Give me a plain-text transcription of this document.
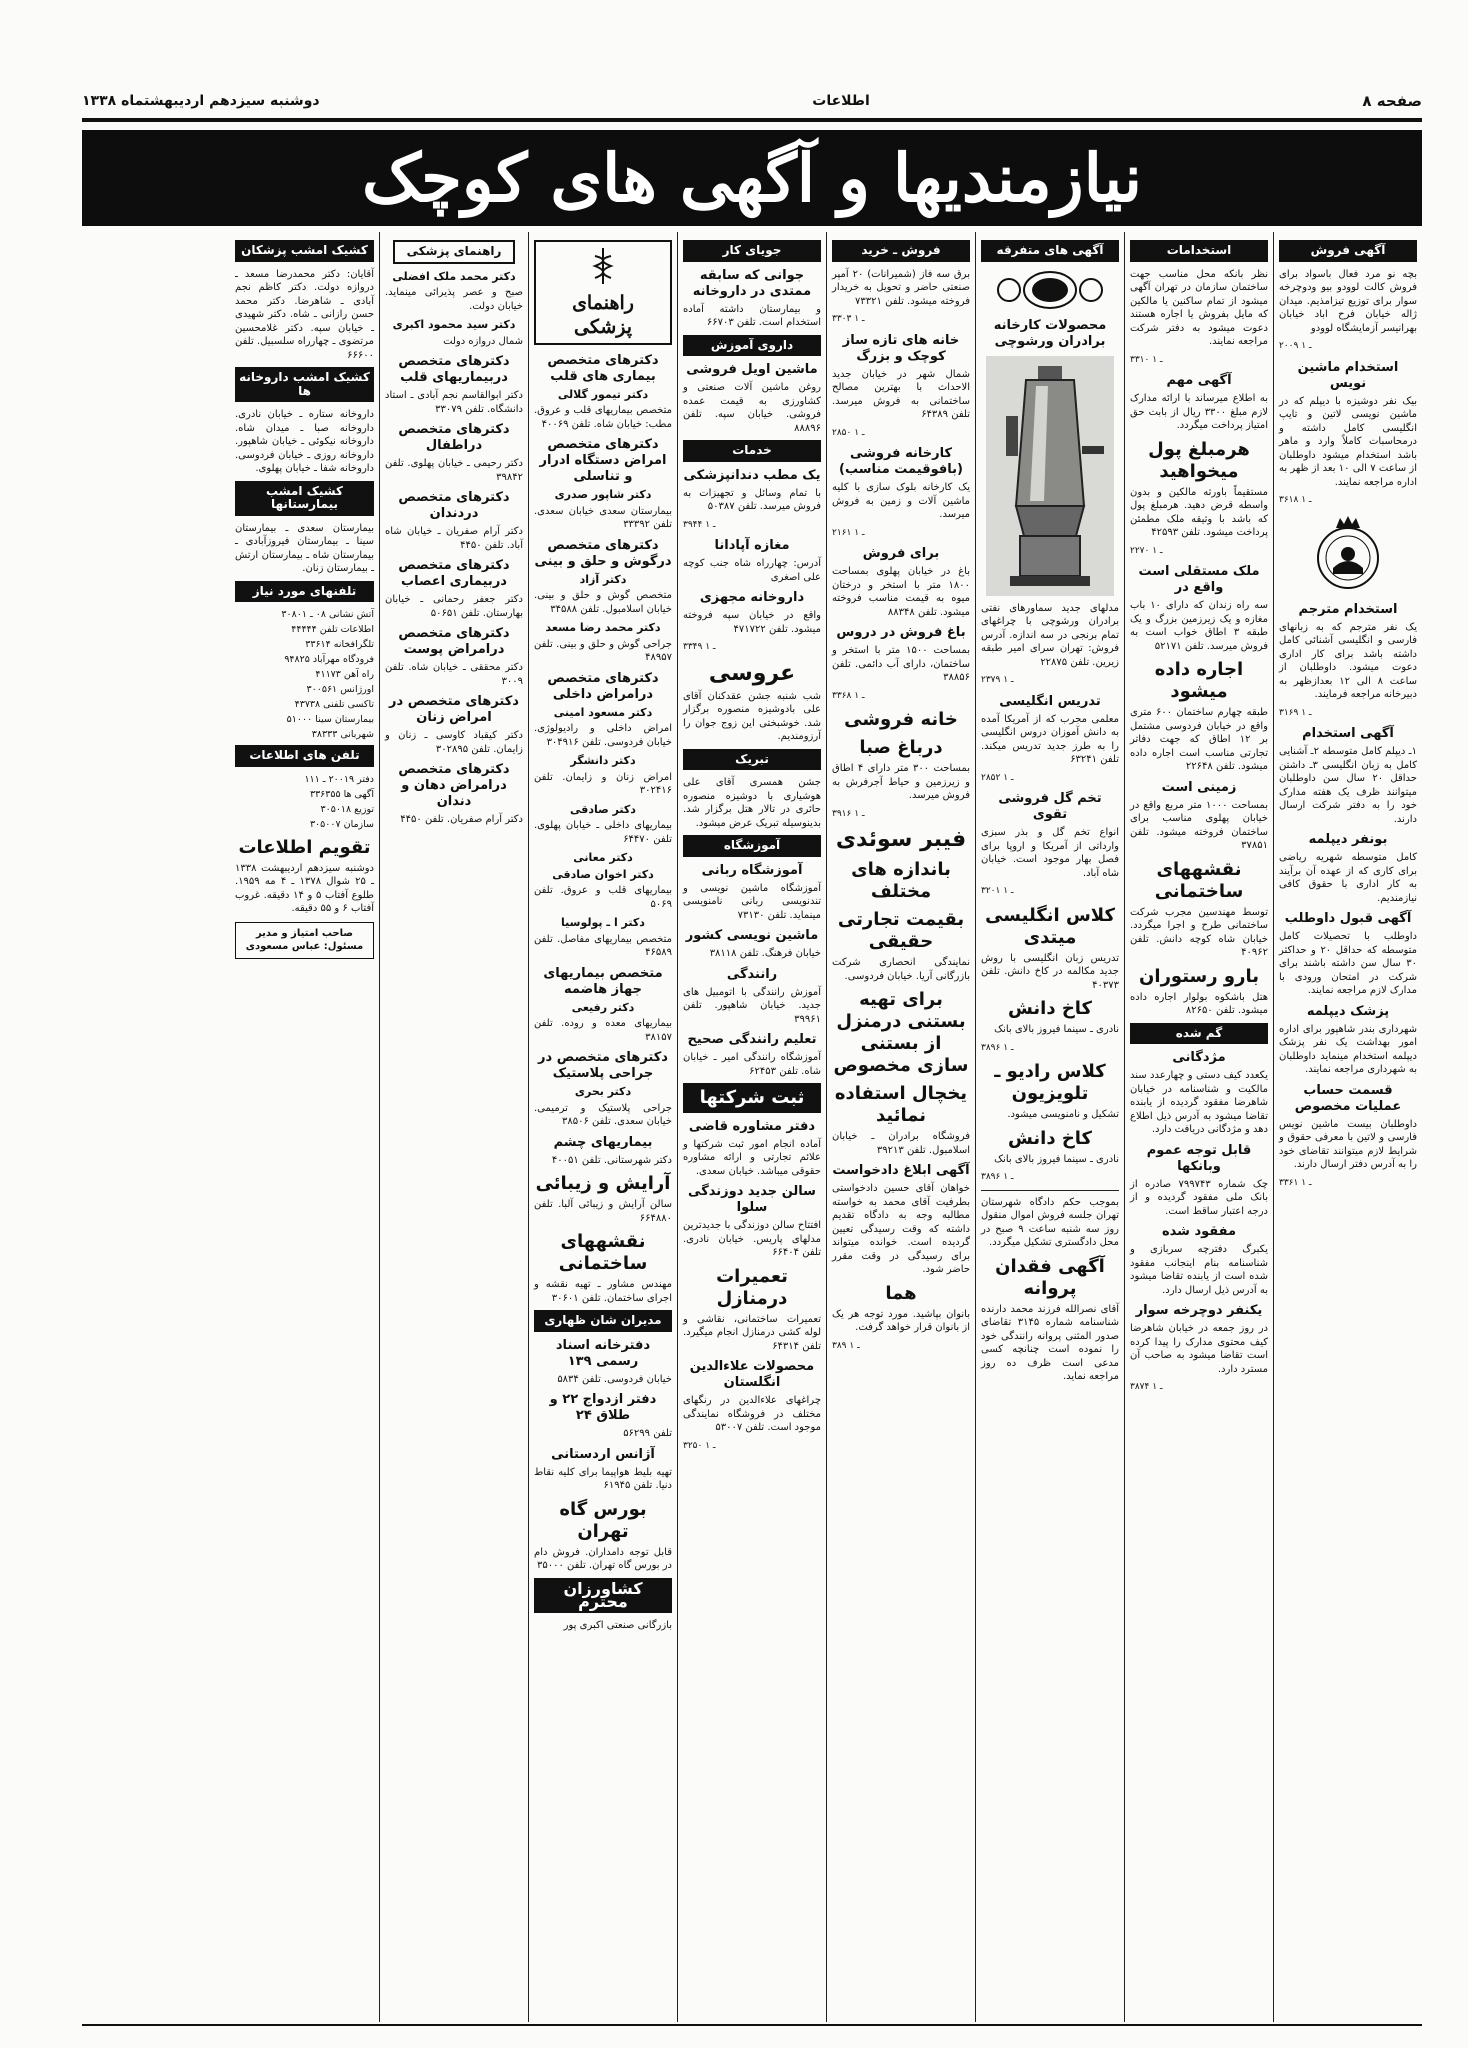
صفحه ۸
اطلاعات
دوشنبه سیزدهم اردیبهشتماه ۱۳۳۸
نیازمندیها و آگهی های کوچک
آگهی فروش

بچه نو مرد فعال باسواد برای فروش کالت لوودو بیو ودوچرخه سوار برای توزیع تیزامذیم. میدان ژاله خیابان فرح اباد خیابان بهرانیسر آزمایشگاه لوودو

۲۰۰۹ ـ ۱

استخدام ماشین نویس

بیک نفر دوشیزه با دیپلم که در ماشین نویسی لاتین و تایپ انگلیسی کامل داشته و درمحاسبات کاملاً وارد و ماهر باشد استخدام میشود داوطلبان از ساعت ۷ الی ۱۰ بعد از ظهر به اداره مراجعه نمایند.

۳۶۱۸ ـ ۱

استخدام مترجم

یک نفر مترجم که به زبانهای فارسی و انگلیسی آشنائی کامل داشته باشد برای کار اداری دعوت میشود. داوطلبان از ساعت ۸ الی ۱۲ بعدازظهر به دبیرخانه مراجعه فرمایند.

۳۱۶۹ ـ ۱

آگهی استخدام

۱ـ دیپلم کامل متوسطه ۲ـ آشنایی کامل به زبان انگلیسی ۳ـ داشتن حداقل ۲۰ سال سن داوطلبان میتوانند ظرف یک هفته مدارک خود را به دفتر شرکت ارسال دارند.

بونفر دیپلمه

کامل متوسطه شهریه ریاضی برای کاری که از عهده آن برآیند به کار اداری با حقوق کافی نیازمندیم.

آگهی قبول داوطلب

داوطلب با تحصیلات کامل متوسطه که حداقل ۲۰ و حداکثر ۳۰ سال سن داشته باشند برای شرکت در امتحان ورودی با مدارک لازم مراجعه نمایند.

پزشک دیپلمه

شهرداری بندر شاهپور برای اداره امور بهداشت یک نفر پزشک دیپلمه استخدام مینماید داوطلبان به شهرداری مراجعه نمایند.

قسمت حساب عملیات مخصوص

داوطلبان بیست ماشین نویس فارسی و لاتین با معرفی حقوق و شرایط لازم میتوانند تقاضای خود را به آدرس دفتر ارسال دارند.

۳۳۶۱ ـ ۱

استخدامات

نظر بانکه محل مناسب جهت ساختمان سازمان در تهران آگهی میشود از تمام ساکنین یا مالکین که مایل بفروش یا اجاره هستند دعوت میشود به دفتر شرکت مراجعه نمایند.

۳۳۱۰ ـ ۱

آگهی مهم

به اطلاع میرساند با ارائه مدارک لازم مبلغ ۳۳۰۰ ریال از بابت حق امتیاز پرداخت میگردد.

هرمبلغ پول میخواهید

مستقیماً باورثه مالکین و بدون واسطه قرض دهید. هرمبلغ پول که باشد با وثیقه ملک مطمئن پرداخت میشود. تلفن ۴۲۵۹۳

۲۲۷۰ ـ ۱

ملک مستقلی است واقع در

سه راه زندان که دارای ۱۰ باب مغازه و یک زیرزمین بزرگ و یک طبقه ۳ اطاق خواب است به فروش میرسد. تلفن ۵۲۱۷۱

اجاره داده میشود

طبقه چهارم ساختمان ۶۰۰ متری واقع در خیابان فردوسی مشتمل بر ۱۲ اطاق که جهت دفاتر تجارتی مناسب است اجاره داده میشود. تلفن ۲۲۶۴۸

زمینی است

بمساحت ۱۰۰۰ متر مربع واقع در خیابان پهلوی مناسب برای ساختمان فروخته میشود. تلفن ۳۷۸۵۱

نقشههای ساختمانی

توسط مهندسین مجرب شرکت ساختمانی طرح و اجرا میگردد. خیابان شاه کوچه دانش. تلفن ۴۰۹۶۲

بارو رستوران

هتل باشکوه بولوار اجاره داده میشود. تلفن ۸۲۶۵۰

گم شده
مژدگانی

یکعدد کیف دستی و چهارعدد سند مالکیت و شناسنامه در خیابان شاهرضا مفقود گردیده از یابنده تقاضا میشود به آدرس ذیل اطلاع دهد و مژدگانی دریافت دارد.

قابل توجه عموم وبانکها

چک شماره ۷۹۹۷۴۳ صادره از بانک ملی مفقود گردیده و از درجه اعتبار ساقط است.

مفقود شده

یکبرگ دفترچه سربازی و شناسنامه بنام اینجانب مفقود شده است از یابنده تقاضا میشود به آدرس ذیل ارسال دارد.

یکنفر دوچرخه سوار

در روز جمعه در خیابان شاهرضا کیف محتوی مدارک را پیدا کرده است تقاضا میشود به صاحب آن مسترد دارد.

۳۸۷۴ ـ ۱

آگهی های متفرقه
محصولات کارخانه برادران ورشوچی

مدلهای جدید سماورهای نفتی برادران ورشوچی با چراغهای تمام برنجی در سه اندازه. آدرس فروش: تهران سرای امیر طبقه زیرین. تلفن ۲۲۸۷۵

۲۳۷۹ ـ ۱

تدریس انگلیسی

معلمی مجرب که از آمریکا آمده به دانش آموزان دروس انگلیسی را به طرز جدید تدریس میکند. تلفن ۶۳۲۴۱

۲۸۵۲ ـ ۱

تخم گل فروشی تقوی

انواع تخم گل و بذر سبزی وارداتی از آمریکا و اروپا برای فصل بهار موجود است. خیابان شاه آباد.

۳۲۰۱ ـ ۱

کلاس انگلیسی میتدی

تدریس زبان انگلیسی با روش جدید مکالمه در کاخ دانش. تلفن ۴۰۳۷۳

کاخ دانش

نادری ـ سینما فیروز بالای بانک

۳۸۹۶ ـ ۱

کلاس رادیو ـ تلویزیون

تشکیل و نامنویسی میشود.

کاخ دانش

نادری ـ سینما فیروز بالای بانک

۳۸۹۶ ـ ۱

بموجب حکم دادگاه شهرستان تهران جلسه فروش اموال منقول روز سه شنبه ساعت ۹ صبح در محل دادگستری تشکیل میگردد.

آگهی فقدان پروانه

آقای نصرالله فرزند محمد دارنده شناسنامه شماره ۳۱۴۵ تقاضای صدور المثنی پروانه رانندگی خود را نموده است چنانچه کسی مدعی است ظرف ده روز مراجعه نماید.

فروش ـ خرید

برق سه فاز (شمیرانات) ۲۰ آمپر صنعتی حاضر و تحویل به خریدار فروخته میشود. تلفن ۷۳۳۲۱

۳۳۰۳ ـ ۱

خانه های تازه ساز کوچک و بزرگ

شمال شهر در خیابان جدید الاحداث با بهترین مصالح ساختمانی به فروش میرسد. تلفن ۶۴۳۸۹

۲۸۵۰ ـ ۱

کارخانه فروشی (بافوقیمت مناسب)

یک کارخانه بلوک سازی با کلیه ماشین آلات و زمین به فروش میرسد.

۲۱۶۱ ـ ۱

برای فروش

باغ در خیابان پهلوی بمساحت ۱۸۰۰ متر با استخر و درختان میوه به قیمت مناسب فروخته میشود. تلفن ۸۸۳۴۸

باغ فروش در دروس

بمساحت ۱۵۰۰ متر با استخر و ساختمان، دارای آب دائمی. تلفن ۳۸۸۵۶

۳۳۶۸ ـ ۱

خانه فروشی
درباغ صبا

بمساحت ۳۰۰ متر دارای ۴ اطاق و زیرزمین و حیاط آجرفرش به فروش میرسد.

۳۹۱۶ ـ ۱

فیبر سوئدی
باندازه های مختلف
بقیمت تجارتی حقیقی

نمایندگی انحصاری شرکت بازرگانی آریا. خیابان فردوسی.

برای تهیه بستنی درمنزل از بستنی سازی مخصوص
یخچال استفاده نمائید

فروشگاه برادران ـ خیابان اسلامبول. تلفن ۳۹۲۱۳

آگهی ابلاغ دادخواست

خواهان آقای حسین دادخواستی بطرفیت آقای محمد به خواسته مطالبه وجه به دادگاه تقدیم داشته که وقت رسیدگی تعیین گردیده است. خوانده میتواند برای رسیدگی در وقت مقرر حاضر شود.

هما

بانوان بپاشید. مورد توجه هر یک از بانوان قرار خواهد گرفت.

۳۸۹ ـ ۱

جویای کار
جوانی که سابقه ممتدی در داروخانه

و بیمارستان داشته آماده استخدام است. تلفن ۶۶۷۰۳

داروی آموزش
ماشین اویل فروشی

روغن ماشین آلات صنعتی و کشاورزی به قیمت عمده فروشی. خیابان سپه. تلفن ۸۸۸۹۶

خدمات
یک مطب دندانپزشکی

با تمام وسائل و تجهیزات به فروش میرسد. تلفن ۵۰۳۸۷

۳۹۴۴ ـ ۱

مغازه آپادانا

آدرس: چهارراه شاه جنب کوچه علی اصغری

داروخانه مجهزی

واقع در خیابان سپه فروخته میشود. تلفن ۴۷۱۷۲۲

۳۳۴۹ ـ ۱

عروسی

شب شنبه جشن عقدکنان آقای علی بادوشیزه منصوره برگزار شد. خوشبختی این زوج جوان را آرزومندیم.

تبریک

جشن همسری آقای علی هوشیاری با دوشیزه منصوره حائری در تالار هتل برگزار شد. بدینوسیله تبریک عرض میشود.

آموزشگاه
آموزشگاه ربانی

آموزشگاه ماشین نویسی و تندنویسی ربانی نامنویسی مینماید. تلفن ۷۳۱۳۰

ماشین نویسی کشور

خیابان فرهنگ. تلفن ۳۸۱۱۸

رانندگی

آموزش رانندگی با اتومبیل های جدید. خیابان شاهپور. تلفن ۳۹۹۶۱

تعلیم رانندگی صحیح

آموزشگاه رانندگی امیر ـ خیابان شاه. تلفن ۶۲۴۵۳

ثبت شرکتها
دفتر مشاوره قاضی

آماده انجام امور ثبت شرکتها و علائم تجارتی و ارائه مشاوره حقوقی میباشد. خیابان سعدی.

سالن جدید دوزندگی سلوا

افتتاح سالن دوزندگی با جدیدترین مدلهای پاریس. خیابان نادری. تلفن ۶۶۴۰۴

تعمیرات درمنازل

تعمیرات ساختمانی، نقاشی و لوله کشی درمنازل انجام میگیرد. تلفن ۶۴۳۱۴

محصولات علاءالدین انگلستان

چراغهای علاءالدین در رنگهای مختلف در فروشگاه نمایندگی موجود است. تلفن ۵۳۰۰۷

۳۲۵۰ ـ ۱

راهنمای پزشکی
دکترهای متخصص بیماری های قلب
دکتر تیمور گلالی

متخصص بیماریهای قلب و عروق. مطب: خیابان شاه. تلفن ۴۰۰۶۹

دکترهای متخصص امراض دستگاه ادرار و تناسلی
دکتر شاپور صدری

بیمارستان سعدی خیابان سعدی. تلفن ۳۳۳۹۲

دکترهای متخصص درگوش و حلق و بینی
دکتر آزاد

متخصص گوش و حلق و بینی. خیابان اسلامبول. تلفن ۳۴۵۸۸

دکتر محمد رضا مسعد

جراحی گوش و حلق و بینی. تلفن ۴۸۹۵۷

دکترهای متخصص درامراض داخلی
دکتر مسعود امینی

امراض داخلی و رادیولوژی. خیابان فردوسی. تلفن ۳۰۴۹۱۶

دکتر دانشگر

امراض زنان و زایمان. تلفن ۳۰۲۴۱۶

دکتر صادقی

بیماریهای داخلی ـ خیابان پهلوی. تلفن ۶۴۴۷۰

دکتر معانی
دکتر اخوان صادقی

بیماریهای قلب و عروق. تلفن ۵۰۶۹

دکتر ا ـ پولوسیا

متخصص بیماریهای مفاصل. تلفن ۴۶۵۸۹

متخصص بیماریهای جهاز هاضمه
دکتر رفیعی

بیماریهای معده و روده. تلفن ۳۸۱۵۷

دکترهای متخصص در جراحی پلاستیک
دکتر بحری

جراحی پلاستیک و ترمیمی. خیابان سعدی. تلفن ۳۸۵۰۶

بیماریهای چشم

دکتر شهرستانی. تلفن ۴۰۰۵۱

آرایش و زیبائی

سالن آرایش و زیبائی آلبا. تلفن ۶۶۴۸۸۰

نقشههای ساختمانی

مهندس مشاور ـ تهیه نقشه و اجرای ساختمان. تلفن ۳۰۶۰۱

مدیران شان ظهاری
دفترخانه اسناد رسمی ۱۳۹

خیابان فردوسی. تلفن ۵۸۳۴

دفتر ازدواج ۲۲ و طلاق ۲۴

تلفن ۵۶۲۹۹

آژانس اردستانی

تهیه بلیط هواپیما برای کلیه نقاط دنیا. تلفن ۶۱۹۴۵

بورس گاه تهران

قابل توجه دامداران. فروش دام در بورس گاه تهران. تلفن ۳۵۰۰۰

کشاورزان محترم

بازرگانی صنعتی اکبری پور

راهنمای پزشکی
دکتر محمد ملک افضلی

صبح و عصر پذیرائی مینماید. خیابان دولت.

دکتر سید محمود اکبری

شمال دروازه دولت

دکترهای متخصص دربیماریهای قلب

دکتر ابوالقاسم نجم آبادی ـ استاد دانشگاه. تلفن ۳۳۰۷۹

دکترهای متخصص دراطفال

دکتر رحیمی ـ خیابان پهلوی. تلفن ۳۹۸۴۲

دکترهای متخصص دردندان

دکتر آرام صفریان ـ خیابان شاه آباد. تلفن ۴۴۵۰

دکترهای متخصص دربیماری اعصاب

دکتر جعفر رحمانی ـ خیابان بهارستان. تلفن ۵۰۶۵۱

دکترهای متخصص درامراض پوست

دکتر محققی ـ خیابان شاه. تلفن ۳۰۰۹

دکترهای متخصص در امراض زنان

دکتر کیقباد کاوسی ـ زنان و زایمان. تلفن ۳۰۲۸۹۵

دکترهای متخصص درامراض دهان و دندان

دکتر آرام صفریان. تلفن ۴۴۵۰

کشیک امشب پزشکان

آقایان: دکتر محمدرضا مسعد ـ دروازه دولت. دکتر کاظم نجم آبادی ـ شاهرضا. دکتر محمد حسن رازانی ـ شاه. دکتر شهیدی ـ خیابان سپه. دکتر غلامحسین مرتضوی ـ چهارراه سلسبیل. تلفن ۶۶۶۰۰

کشیک امشب داروخانه ها

داروخانه ستاره ـ خیابان نادری. داروخانه صبا ـ میدان شاه. داروخانه نیکوئی ـ خیابان شاهپور. داروخانه روزی ـ خیابان فردوسی. داروخانه شفا ـ خیابان پهلوی.

کشیک امشب بیمارستانها

بیمارستان سعدی ـ بیمارستان سینا ـ بیمارستان فیروزآبادی ـ بیمارستان شاه ـ بیمارستان ارتش ـ بیمارستان زنان.

تلفنهای مورد نیاز
آتش نشانی ۰۸ ـ ۳۰۸۰۱
اطلاعات تلفن ۴۴۴۴۴
تلگرافخانه ۳۳۶۱۴
فرودگاه مهرآباد ۹۴۸۲۵
راه آهن ۴۱۱۷۳
اورژانس ۳۰۰۵۶۱
تاکسی تلفنی ۴۳۷۳۸
بیمارستان سینا ۵۱۰۰۰
شهربانی ۳۸۳۳۳
تلفن های اطلاعات
دفتر ۲۰۰۱۹ ـ ۱۱۱
آگهی ها ۳۳۶۳۵۵
توزیع ۳۰۵۰۱۸
سازمان ۳۰۵۰۰۷
تقویم اطلاعات

دوشنبه سیزدهم اردیبهشت ۱۳۳۸ ـ ۲۵ شوال ۱۳۷۸ ـ ۴ مه ۱۹۵۹. طلوع آفتاب ۵ و ۱۴ دقیقه. غروب آفتاب ۶ و ۵۵ دقیقه.

صاحب امتیاز و مدیر مسئول: عباس مسعودی
